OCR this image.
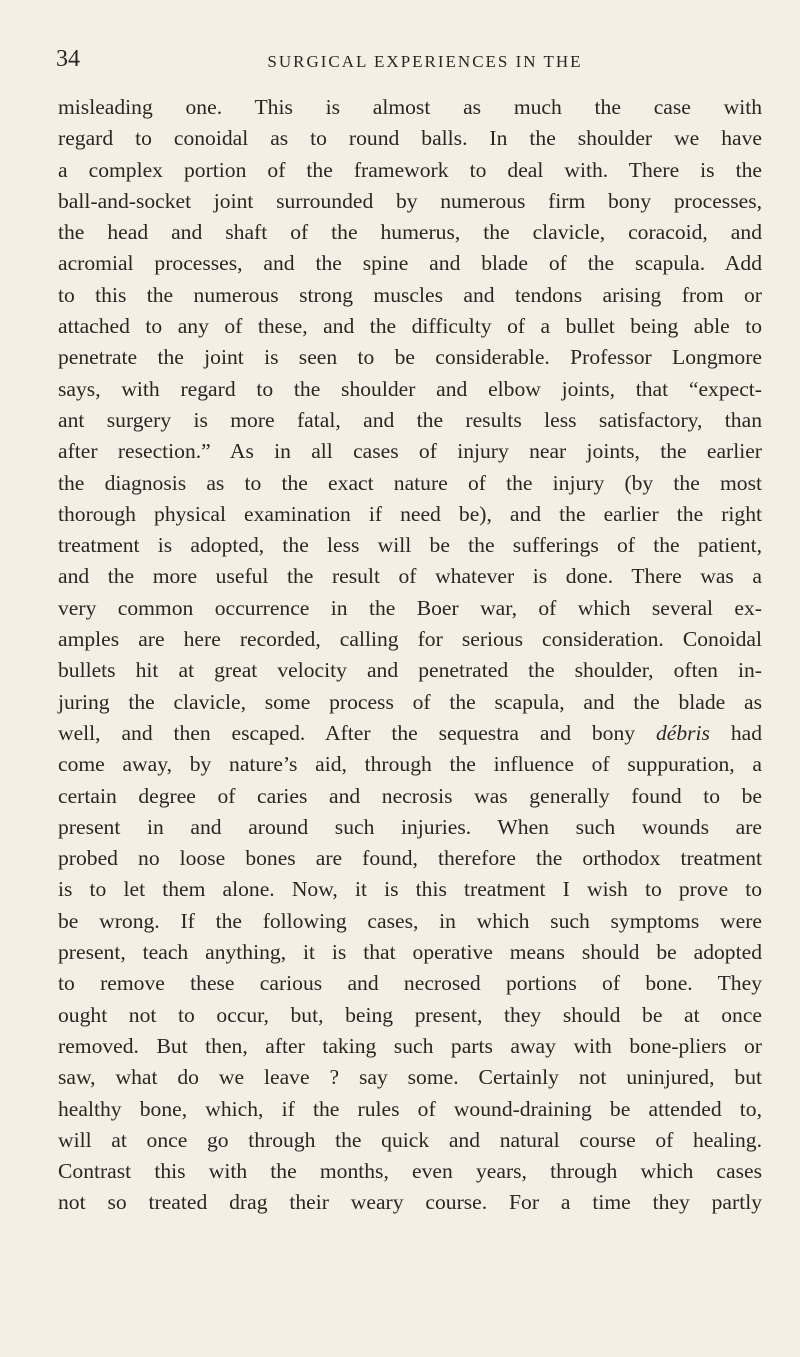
34	SURGICAL EXPERIENCES IN THE
misleading one. This is almost as much the case with
regard to conoidal as to round balls. In the shoulder we have
a complex portion of the framework to deal with. There is the
ball-and-socket joint surrounded by numerous firm bony processes,
the head and shaft of the humerus, the clavicle, coracoid, and
acromial processes, and the spine and blade of the scapula. Add
to this the numerous strong muscles and tendons arising from or
attached to any of these, and the difficulty of a bullet being able to
penetrate the joint is seen to be considerable. Professor Longmore
says, with regard to the shoulder and elbow joints, that “expect-
ant surgery is more fatal, and the results less satisfactory, than
after resection.” As in all cases of injury near joints, the earlier
the diagnosis as to the exact nature of the injury (by the most
thorough physical examination if need be), and the earlier the right
treatment is adopted, the less will be the sufferings of the patient,
and the more useful the result of whatever is done. There was a
very common occurrence in the Boer war, of which several ex-
amples are here recorded, calling for serious consideration. Conoidal
bullets hit at great velocity and penetrated the shoulder, often in-
juring the clavicle, some process of the scapula, and the blade as
well, and then escaped. After the sequestra and bony débris had
come away, by nature’s aid, through the influence of suppuration, a
certain degree of caries and necrosis was generally found to be
present in and around such injuries. When such wounds are
probed no loose bones are found, therefore the orthodox treatment
is to let them alone. Now, it is this treatment I wish to prove to
be wrong. If the following cases, in which such symptoms were
present, teach anything, it is that operative means should be adopted
to remove these carious and necrosed portions of bone. They
ought not to occur, but, being present, they should be at once
removed. But then, after taking such parts away with bone-pliers or
saw, what do we leave ? say some. Certainly not uninjured, but
healthy bone, which, if the rules of wound-draining be attended to,
will at once go through the quick and natural course of healing.
Contrast this with the months, even years, through which cases
not so treated drag their weary course. For a time they partly
